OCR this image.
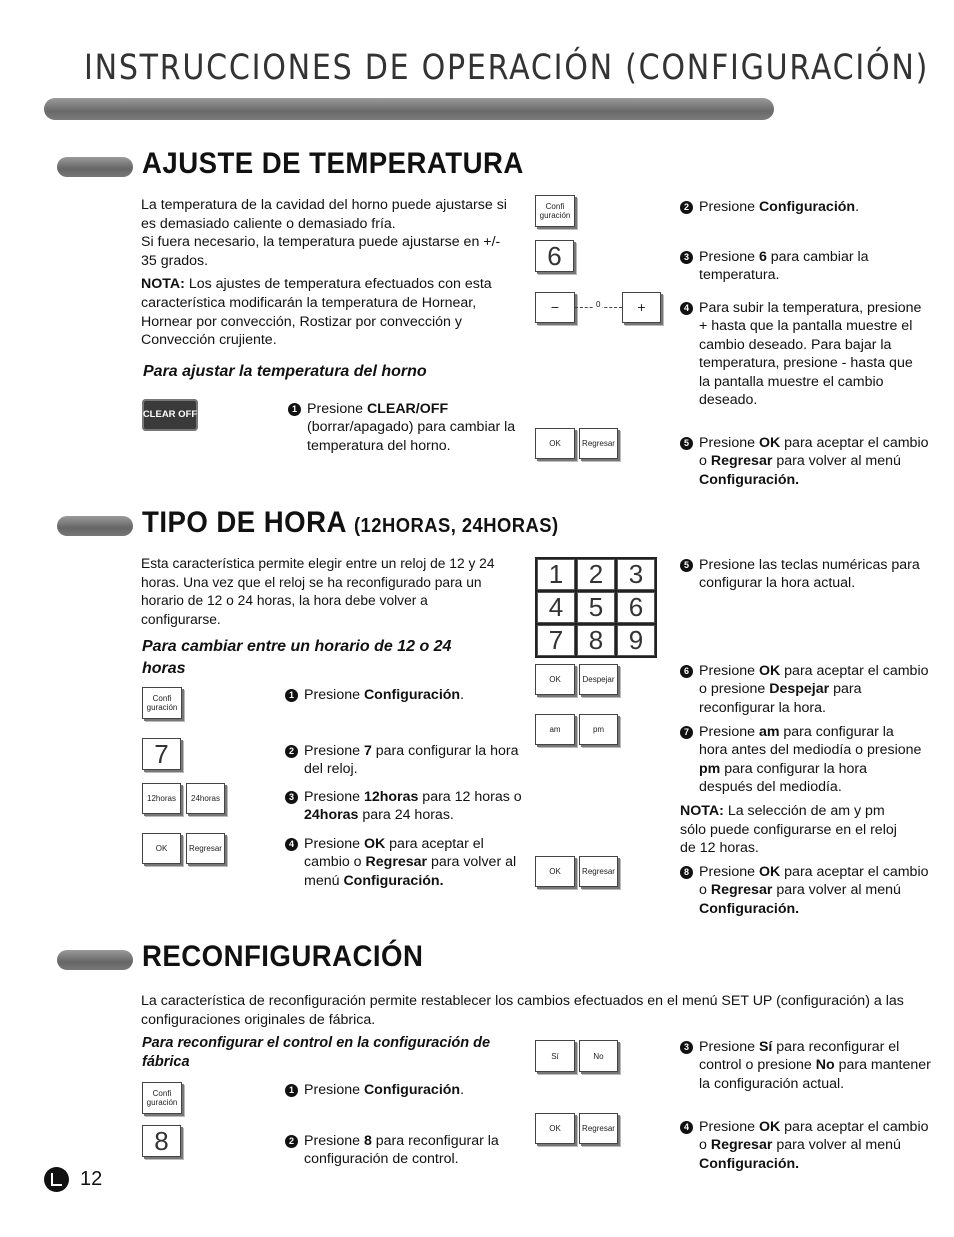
INSTRUCCIONES DE OPERACIÓN (CONFIGURACIÓN)
AJUSTE DE TEMPERATURA
La temperatura de la cavidad del horno puede ajustarse si es demasiado caliente o demasiado fría.
Si fuera necesario, la temperatura puede ajustarse en +/- 35 grados.
NOTA: Los ajustes de temperatura efectuados con esta característica modificarán la temperatura de Hornear, Hornear por convección, Rostizar por convección y Convección crujiente.
Para ajustar la temperatura del horno
CLEAR OFF	1 Presione CLEAR/OFF (borrar/apagado) para cambiar la temperatura del horno.
Confi guración
6
−	0	+
OK	Regresar
2 Presione Configuración.
3 Presione 6 para cambiar la temperatura.
4 Para subir la temperatura, presione + hasta que la pantalla muestre el cambio deseado. Para bajar la temperatura, presione - hasta que la pantalla muestre el cambio deseado.
5 Presione OK para aceptar el cambio o Regresar para volver al menú Configuración.
TIPO DE HORA (12HORAS, 24HORAS)
Esta característica permite elegir entre un reloj de 12 y 24 horas. Una vez que el reloj se ha reconfigurado para un horario de 12 o 24 horas, la hora debe volver a configurarse.
Para cambiar entre un horario de 12 o 24 horas
Confi guración
7
12horas	24horas
OK	Regresar
1 Presione Configuración.
2 Presione 7 para configurar la hora del reloj.
3 Presione 12horas para 12 horas o 24horas para 24 horas.
4 Presione OK para aceptar el cambio o Regresar para volver al menú Configuración.
1 2 3
4 5 6
7 8 9
OK	Despejar
am	pm
OK	Regresar
5 Presione las teclas numéricas para configurar la hora actual.
6 Presione OK para aceptar el cambio o presione Despejar para reconfigurar la hora.
7 Presione am para configurar la hora antes del mediodía o presione pm para configurar la hora después del mediodía.
NOTA: La selección de am y pm sólo puede configurarse en el reloj de 12 horas.
8 Presione OK para aceptar el cambio o Regresar para volver al menú Configuración.
RECONFIGURACIÓN
La característica de reconfiguración permite restablecer los cambios efectuados en el menú SET UP (configuración) a las configuraciones originales de fábrica.
Para reconfigurar el control en la configuración de fábrica
Confi guración
8
1 Presione Configuración.
2 Presione 8 para reconfigurar la configuración de control.
Sí	No
OK	Regresar
3 Presione Sí para reconfigurar el control o presione No para mantener la configuración actual.
4 Presione OK para aceptar el cambio o Regresar para volver al menú Configuración.
12
